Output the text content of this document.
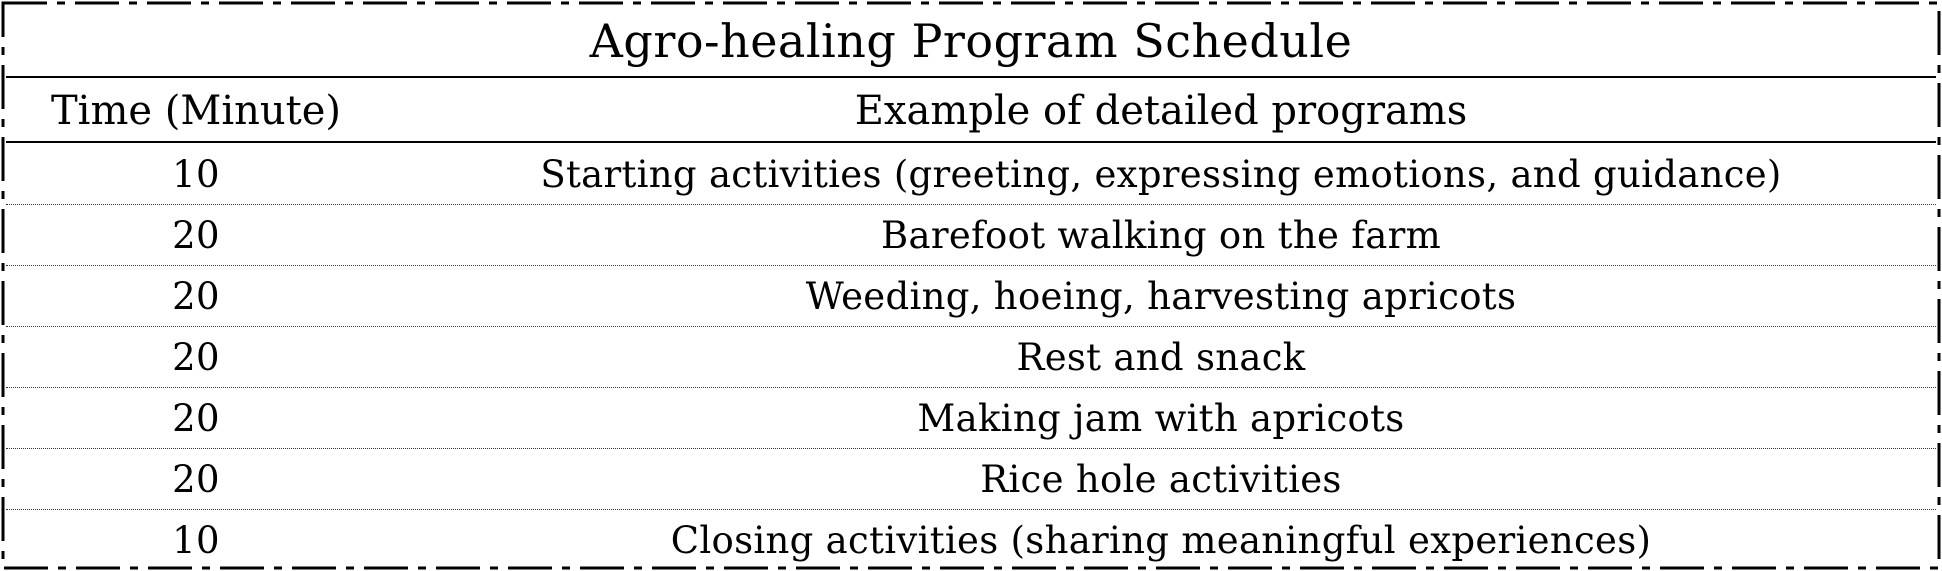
Agro-healing Program Schedule
Time (Minute)	Example of detailed programs
10	Starting activities (greeting, expressing emotions, and guidance)
20	Barefoot walking on the farm
20	Weeding, hoeing, harvesting apricots
20	Rest and snack
20	Making jam with apricots
20	Rice hole activities
10	Closing activities (sharing meaningful experiences)
